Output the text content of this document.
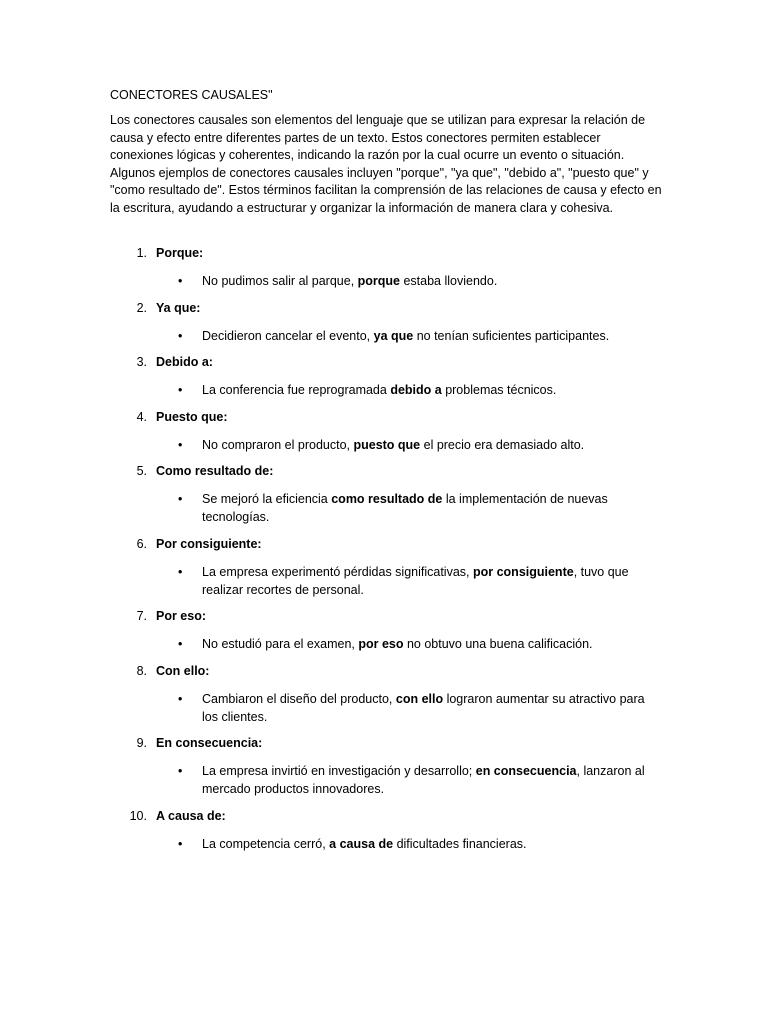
CONECTORES CAUSALES"
Los conectores causales son elementos del lenguaje que se utilizan para expresar la relación de causa y efecto entre diferentes partes de un texto. Estos conectores permiten establecer conexiones lógicas y coherentes, indicando la razón por la cual ocurre un evento o situación. Algunos ejemplos de conectores causales incluyen "porque", "ya que", "debido a", "puesto que" y "como resultado de". Estos términos facilitan la comprensión de las relaciones de causa y efecto en la escritura, ayudando a estructurar y organizar la información de manera clara y cohesiva.
1. Porque:
• No pudimos salir al parque, porque estaba lloviendo.
2. Ya que:
• Decidieron cancelar el evento, ya que no tenían suficientes participantes.
3. Debido a:
• La conferencia fue reprogramada debido a problemas técnicos.
4. Puesto que:
• No compraron el producto, puesto que el precio era demasiado alto.
5. Como resultado de:
• Se mejoró la eficiencia como resultado de la implementación de nuevas tecnologías.
6. Por consiguiente:
• La empresa experimentó pérdidas significativas, por consiguiente, tuvo que realizar recortes de personal.
7. Por eso:
• No estudió para el examen, por eso no obtuvo una buena calificación.
8. Con ello:
• Cambiaron el diseño del producto, con ello lograron aumentar su atractivo para los clientes.
9. En consecuencia:
• La empresa invirtió en investigación y desarrollo; en consecuencia, lanzaron al mercado productos innovadores.
10. A causa de:
• La competencia cerró, a causa de dificultades financieras.
